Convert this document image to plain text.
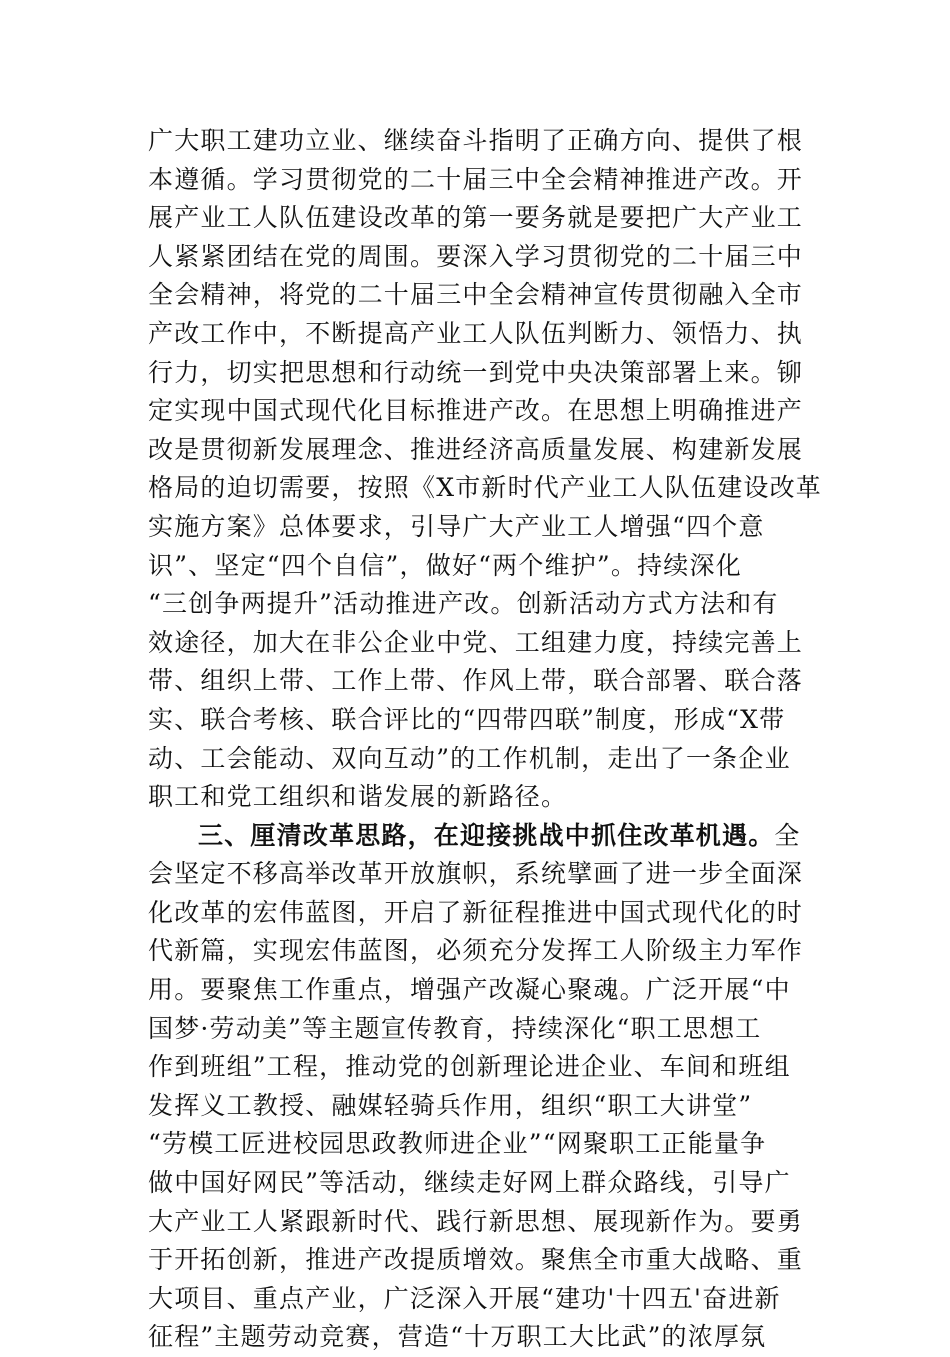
广大职工建功立业、继续奋斗指明了正确方向、提供了根
本遵循。学习贯彻党的二十届三中全会精神推进产改。开
展产业工人队伍建设改革的第一要务就是要把广大产业工
人紧紧团结在党的周围。要深入学习贯彻党的二十届三中
全会精神，将党的二十届三中全会精神宣传贯彻融入全市
产改工作中，不断提高产业工人队伍判断力、领悟力、执
行力，切实把思想和行动统一到党中央决策部署上来。铆
定实现中国式现代化目标推进产改。在思想上明确推进产
改是贯彻新发展理念、推进经济高质量发展、构建新发展
格局的迫切需要，按照《X市新时代产业工人队伍建设改革
实施方案》总体要求，引导广大产业工人增强“四个意
识”、坚定“四个自信”，做好“两个维护”。持续深化
“三创争两提升”活动推进产改。创新活动方式方法和有
效途径，加大在非公企业中党、工组建力度，持续完善上
带、组织上带、工作上带、作风上带，联合部署、联合落
实、联合考核、联合评比的“四带四联”制度，形成“X带
动、工会能动、双向互动”的工作机制，走出了一条企业
职工和党工组织和谐发展的新路径。
三、厘清改革思路，在迎接挑战中抓住改革机遇。全
会坚定不移高举改革开放旗帜，系统擘画了进一步全面深
化改革的宏伟蓝图，开启了新征程推进中国式现代化的时
代新篇，实现宏伟蓝图，必须充分发挥工人阶级主力军作
用。要聚焦工作重点，增强产改凝心聚魂。广泛开展“中
国梦·劳动美”等主题宣传教育，持续深化“职工思想工
作到班组”工程，推动党的创新理论进企业、车间和班组
发挥义工教授、融媒轻骑兵作用，组织“职工大讲堂”
“劳模工匠进校园思政教师进企业”“网聚职工正能量争
做中国好网民”等活动，继续走好网上群众路线，引导广
大产业工人紧跟新时代、践行新思想、展现新作为。要勇
于开拓创新，推进产改提质增效。聚焦全市重大战略、重
大项目、重点产业，广泛深入开展“建功'十四五'奋进新
征程”主题劳动竞赛，营造“十万职工大比武”的浓厚氛
